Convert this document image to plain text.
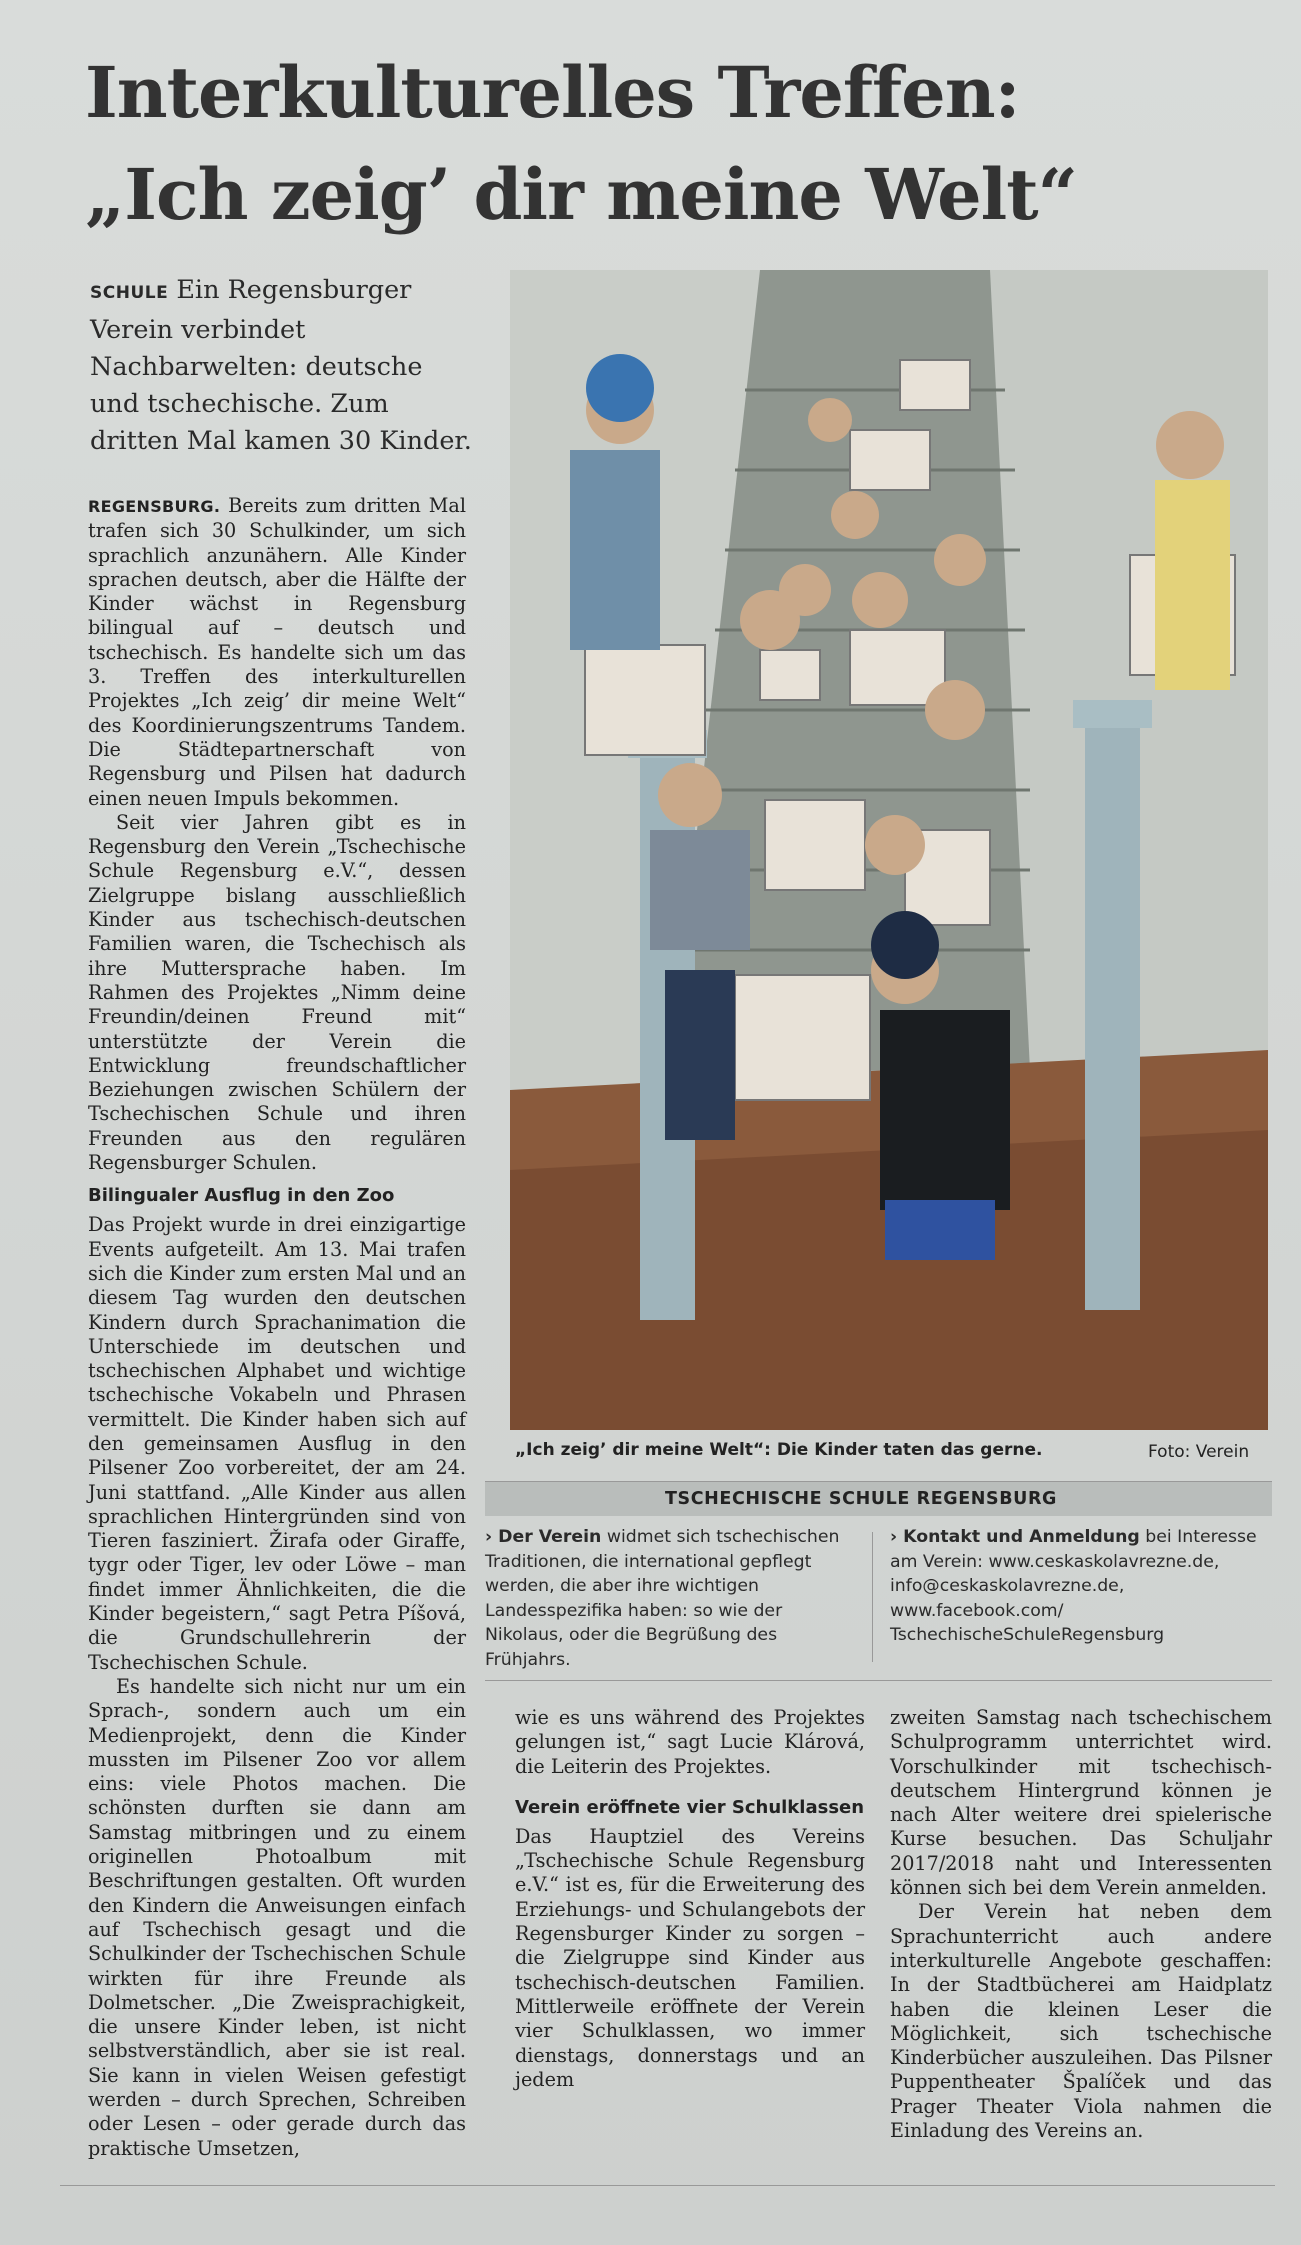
Interkulturelles Treffen:
„Ich zeig’ dir meine Welt“
SCHULE Ein Regensburger Verein verbindet Nachbarwelten: deutsche und tschechische. Zum dritten Mal kamen 30 Kinder.

REGENSBURG. Bereits zum dritten Mal trafen sich 30 Schulkinder, um sich sprachlich anzunähern. Alle Kinder sprachen deutsch, aber die Hälfte der Kinder wächst in Regensburg bilingual auf – deutsch und tschechisch. Es handelte sich um das 3. Treffen des interkulturellen Projektes „Ich zeig’ dir meine Welt“ des Koordinierungszentrums Tandem. Die Städtepartnerschaft von Regensburg und Pilsen hat dadurch einen neuen Impuls bekommen.

Seit vier Jahren gibt es in Regensburg den Verein „Tschechische Schule Regensburg e.V.“, dessen Zielgruppe bislang ausschließlich Kinder aus tschechisch-deutschen Familien waren, die Tschechisch als ihre Muttersprache haben. Im Rahmen des Projektes „Nimm deine Freundin/deinen Freund mit“ unterstützte der Verein die Entwicklung freundschaftlicher Beziehungen zwischen Schülern der Tschechischen Schule und ihren Freunden aus den regulären Regensburger Schulen.

Bilingualer Ausflug in den Zoo

Das Projekt wurde in drei einzigartige Events aufgeteilt. Am 13. Mai trafen sich die Kinder zum ersten Mal und an diesem Tag wurden den deutschen Kindern durch Sprachanimation die Unterschiede im deutschen und tschechischen Alphabet und wichtige tschechische Vokabeln und Phrasen vermittelt. Die Kinder haben sich auf den gemeinsamen Ausflug in den Pilsener Zoo vorbereitet, der am 24. Juni stattfand. „Alle Kinder aus allen sprachlichen Hintergründen sind von Tieren fasziniert. Žirafa oder Giraffe, tygr oder Tiger, lev oder Löwe – man findet immer Ähnlichkeiten, die die Kinder begeistern,“ sagt Petra Píšová, die Grundschullehrerin der Tschechischen Schule.

Es handelte sich nicht nur um ein Sprach-, sondern auch um ein Medienprojekt, denn die Kinder mussten im Pilsener Zoo vor allem eins: viele Photos machen. Die schönsten durften sie dann am Samstag mitbringen und zu einem originellen Photoalbum mit Beschriftungen gestalten. Oft wurden den Kindern die Anweisungen einfach auf Tschechisch gesagt und die Schulkinder der Tschechischen Schule wirkten für ihre Freunde als Dolmetscher. „Die Zweisprachigkeit, die unsere Kinder leben, ist nicht selbstverständlich, aber sie ist real. Sie kann in vielen Weisen gefestigt werden – durch Sprechen, Schreiben oder Lesen – oder gerade durch das praktische Umsetzen,

„Ich zeig’ dir meine Welt“: Die Kinder taten das gerne.	Foto: Verein
TSCHECHISCHE SCHULE REGENSBURG
› Der Verein widmet sich tschechischen Traditionen, die international gepflegt werden, die aber ihre wichtigen Landesspezifika haben: so wie der Nikolaus, oder die Begrüßung des Frühjahrs.
› Kontakt und Anmeldung bei Interesse am Verein: www.ceskaskolavrezne.de, info@ceskaskolavrezne.de, www.facebook.com/ TschechischeSchuleRegensburg

wie es uns während des Projektes gelungen ist,“ sagt Lucie Klárová, die Leiterin des Projektes.

Verein eröffnete vier Schulklassen

Das Hauptziel des Vereins „Tschechische Schule Regensburg e.V.“ ist es, für die Erweiterung des Erziehungs- und Schulangebots der Regensburger Kinder zu sorgen – die Zielgruppe sind Kinder aus tschechisch-deutschen Familien. Mittlerweile eröffnete der Verein vier Schulklassen, wo immer dienstags, donnerstags und an jedem

zweiten Samstag nach tschechischem Schulprogramm unterrichtet wird. Vorschulkinder mit tschechisch-deutschem Hintergrund können je nach Alter weitere drei spielerische Kurse besuchen. Das Schuljahr 2017/2018 naht und Interessenten können sich bei dem Verein anmelden.

Der Verein hat neben dem Sprachunterricht auch andere interkulturelle Angebote geschaffen: In der Stadtbücherei am Haidplatz haben die kleinen Leser die Möglichkeit, sich tschechische Kinderbücher auszuleihen. Das Pilsner Puppentheater Špalíček und das Prager Theater Viola nahmen die Einladung des Vereins an.
